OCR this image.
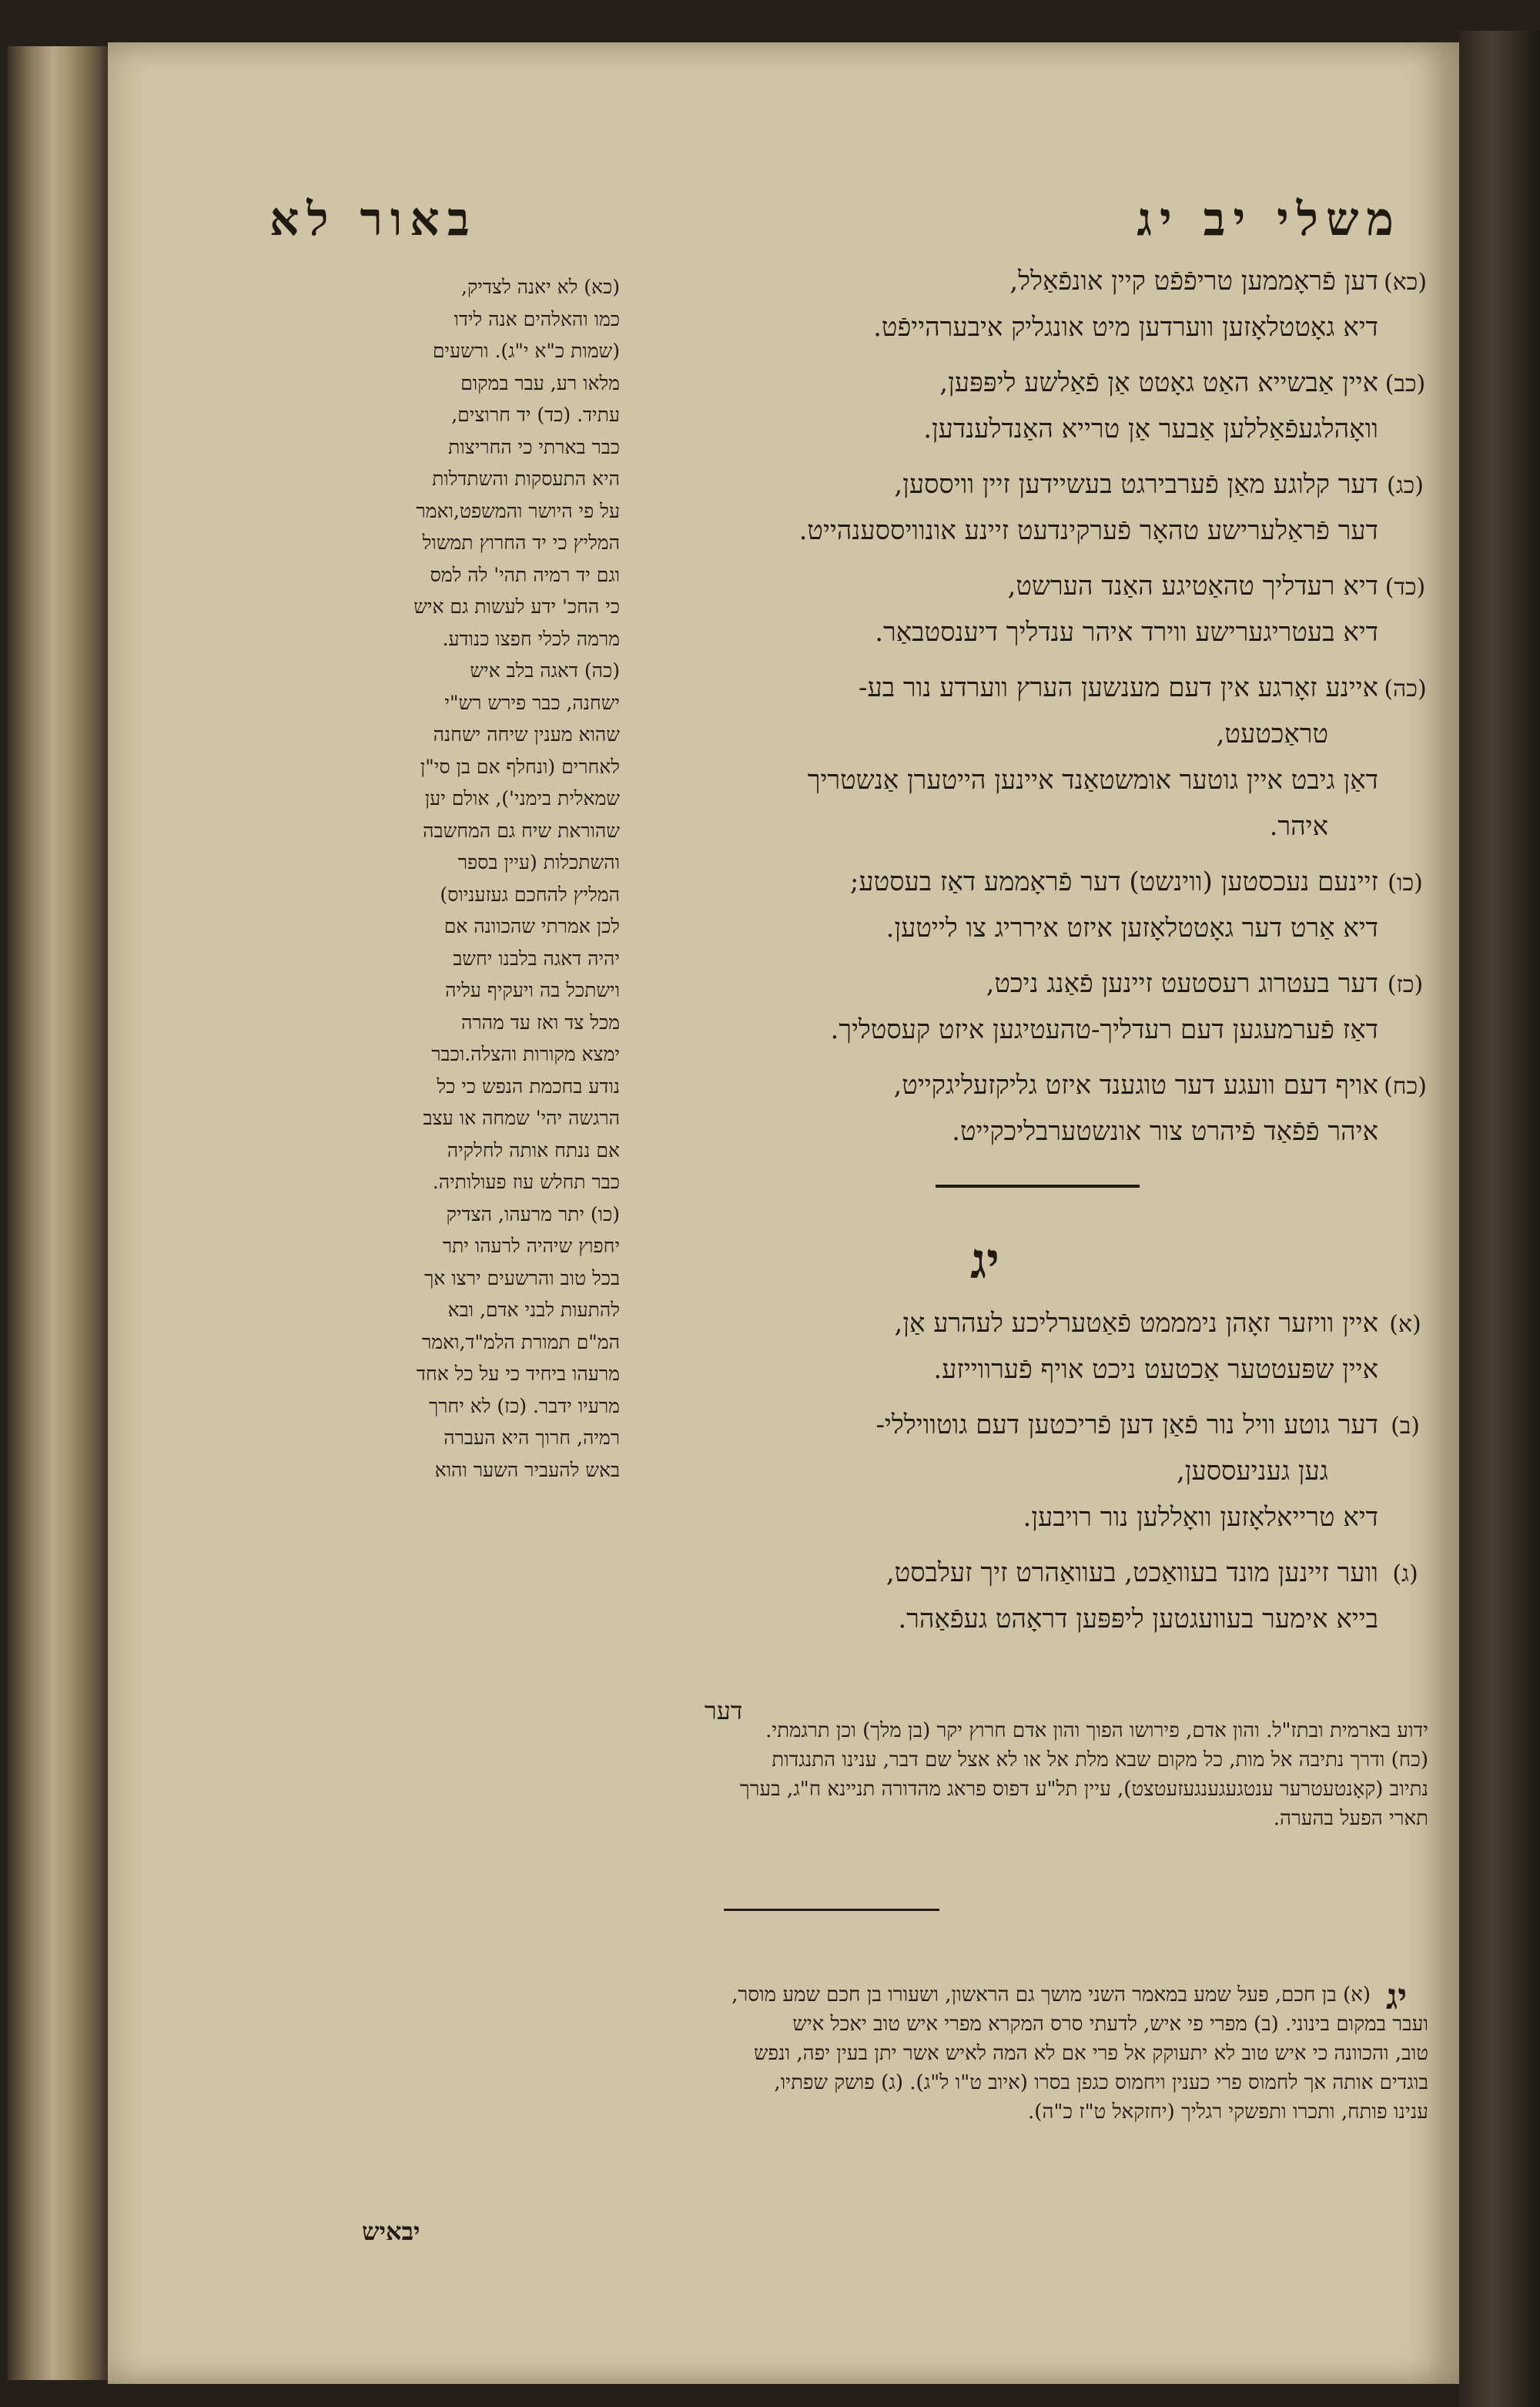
משלי יב יג
באור לא
(כא)
דען פֿראָממען טריפֿפֿט קיין אונפֿאַלל,
דיא גאָטטלאָזען ווערדען מיט אונגליק איבערהייפֿט.
(כב)
איין אַבשייא האַט גאָטט אַן פֿאַלשע ליפּפּען,
וואָהלגעפֿאַללען אַבער אַן טרייא האַנדלענדען.
(כג)
דער קלוגע מאַן פֿערבירגט בעשיידען זיין וויססען,
דער פֿראַלערישע טהאָר פֿערקינדעט זיינע אונוויססענהייט.
(כד)
דיא רעדליך טהאַטיגע האַנד הערשט,
דיא בעטריגערישע ווירד איהר ענדליך דיענסטבאַר.
(כה)
איינע זאָרגע אין דעם מענשען הערץ ווערדע נור בע-
טראַכטעט,
דאַן גיבט איין גוטער אומשטאַנד איינען הייטערן אַנשטריך
איהר.
(כו)
זיינעם נעכסטען (ווינשט) דער פֿראָממע דאַז בעסטע;
דיא אַרט דער גאָטטלאָזען איזט אירריג צו לייטען.
(כז)
דער בעטרוג רעסטעט זיינען פֿאַנג ניכט,
דאַז פֿערמעגען דעם רעדליך-טהעטיגען איזט קעסטליך.
(כח)
אויף דעם וועגע דער טוגענד איזט גליקזעליגקייט,
איהר פֿפֿאַד פֿיהרט צור אונשטערבליכקייט.
(א)
איין וויזער זאָהן נימממט פֿאַטערליכע לעהרע אַן,
איין שפּעטטער אַכטעט ניכט אויף פֿערווייזע.
(ב)
דער גוטע וויל נור פֿאַן דען פֿריכטען דעם גוטוויללי-
גען געניעססען,
דיא טרייאלאָזען וואָללען נור רויבען.
(ג)
ווער זיינען מונד בעוואַכט, בעוואַהרט זיך זעלבסט,
בייא אימער בעוועגטען ליפּפּען דראָהט געפֿאַהר.
(כא) לא יאנה לצדיק,
כמו והאלהים אנה לידו
(שמות כ"א י"ג). ורשעים
מלאו רע, עבר במקום
עתיד. (כד) יד חרוצים,
כבר באר‌תי כי החריצות
היא התעסקות והשתדלות
על פי היושר והמשפט,ואמר
המליץ כי יד החרוץ תמשול
וגם יד רמיה תהי' לה למס
כי החכ' ידע לעשות גם איש
מרמה לכלי חפצו כנודע.
(כה) דאגה בלב איש
ישחנה, כבר פירש רש"י
שהוא מענין שיחה ישחנה
לאחרים (ונחלף אם בן סי"ן
שמאלית בימני'), אולם יען
שהוראת שיח גם המחשבה
והשתכלות (עיין בספר
המליץ להחכם געזעניוס)
לכן אמרתי שהכוונה אם
יהיה דאגה בלבנו יחשב
וישתכל בה ויעקיף עליה
מכל צד ואז עד מהרה
ימצא מקור‌ות והצלה.וכבר
נודע בחכמת הנפש כי כל
הרגשה יהי' שמחה או עצב
אם ננתח אותה לחלקיה
כבר תחלש עוז פעולותיה.
(כו) יתר מרעהו, הצדיק
יחפוץ שיהיה לרעהו יתר
בכל טוב והרשעים ירצו אך
להתעות לבני אדם, ובא
המ"ם תמורת הלמ"ד,ואמר
מרעהו ביחיד כי על כל אחד
מרעיו ידבר. (כז) לא יחרך
רמיה, חרוך היא העברה
באש להעביר השער והוא
יג
ידוע בארמית ובתז"ל. והון אדם, פירושו הפוך והון אדם חרוץ יקר (בן מלך) וכן תרגמתי.
(כח) ודרך נתיבה אל מות, כל מקום שבא מלת אל או לא אצל שם דבר, ענינו התנגדות
נתיוב (קאָנטעטרער ענטגעגענגעזעטצט), עיין תל"ע דפוס פראג מהדורה תניינא ח"ג, בערך
תארי הפעל בהערה.
יג
(א) בן חכם, פעל שמע במאמר השני מושך גם הראשון, ושעורו בן חכם שמע מוסר,
ועבר במקום בינוני. (ב) מפרי פי איש, לדעתי סרס המקרא מפרי איש טוב יאכל איש
טוב, והכוונה כי איש טוב לא יתעוקק אל פרי אם לא המה לאיש אשר יתן בעין יפה, ונפש
בוגדים אותה אך לחמוס פרי כענין ויחמוס כגפן בסרו (איוב ט"ו ל"ג). (ג) פושק שפתיו,
ענינו פותח, ותכרו ותפשקי רגליך (יחזקאל ט"ז כ"ה).
יבאיש
דער
